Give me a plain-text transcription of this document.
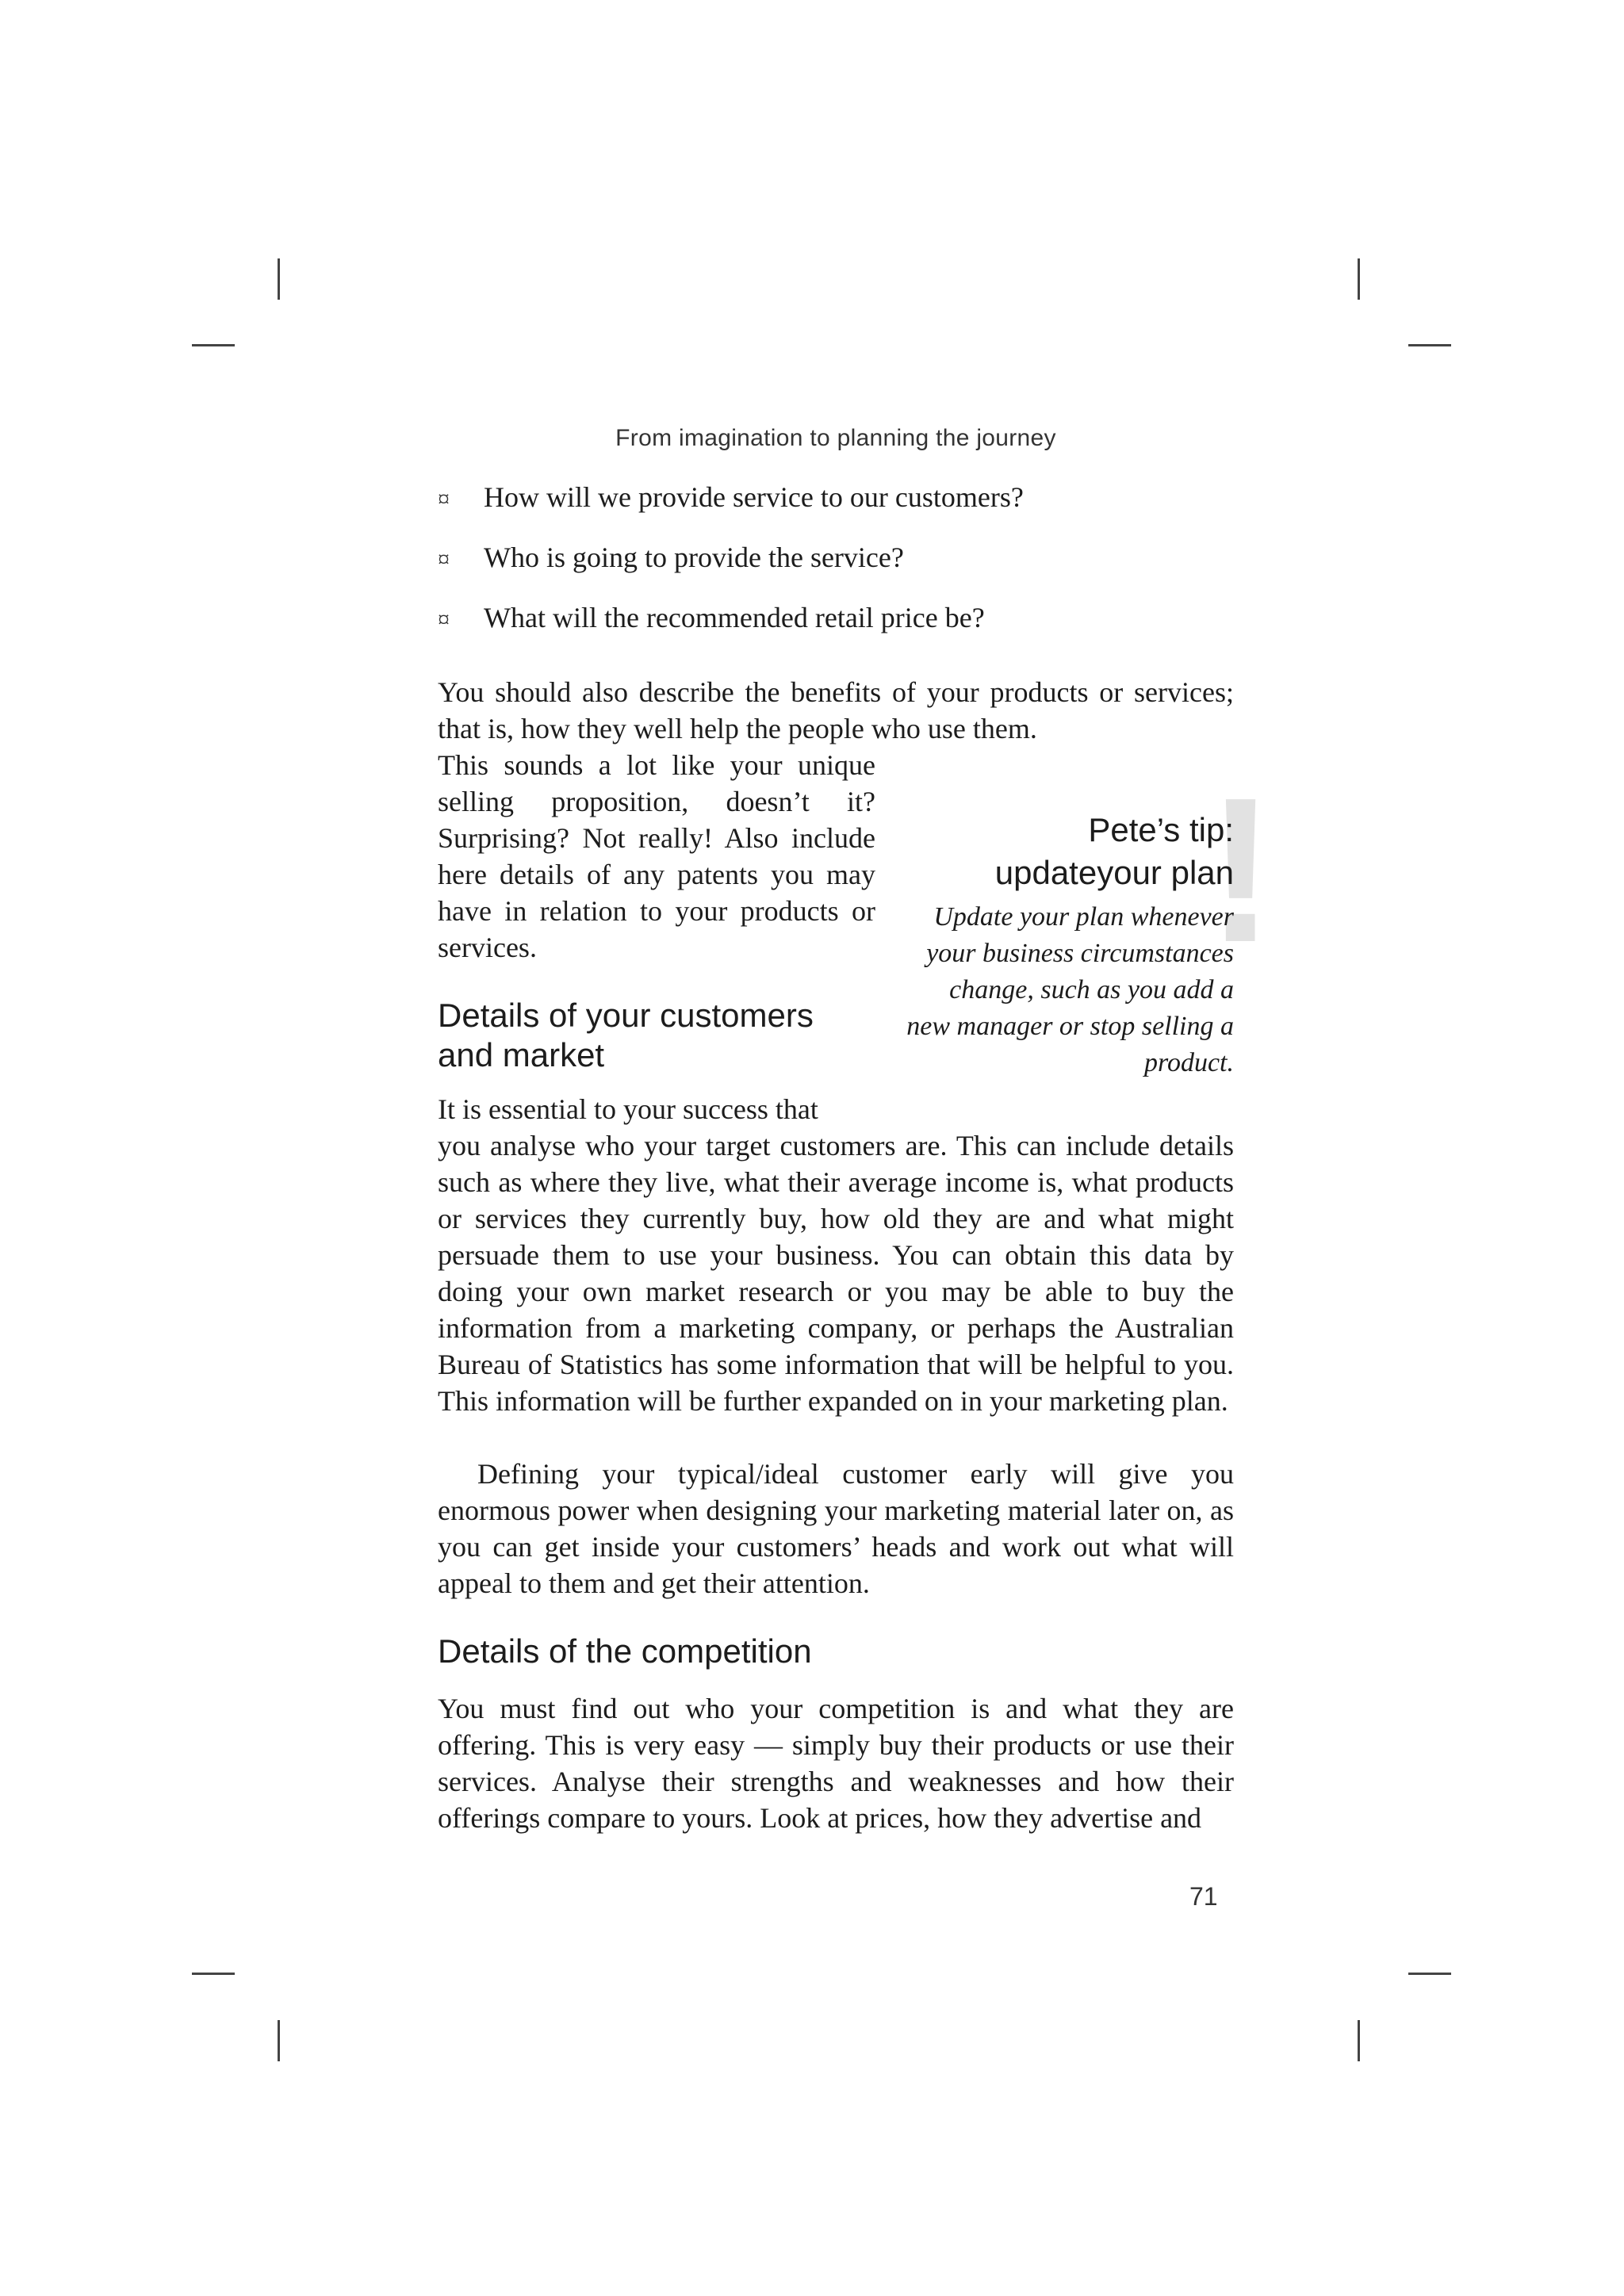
From imagination to planning the journey
¤	How will we provide service to our customers?
¤	Who is going to provide the service?
¤	What will the recommended retail price be?

You should also describe the benefits of your products or services; that is, how they well help the people who use them.

This sounds a lot like your unique selling proposition, doesn’t it? Surprising? Not really! Also include here details of any patents you may have in relation to your products or services.

Details of your customers and market

It is essential to your success that

you analyse who your target customers are. This can include details such as where they live, what their average income is, what products or services they currently buy, how old they are and what might persuade them to use your business. You can obtain this data by doing your own market research or you may be able to buy the information from a marketing company, or perhaps the Australian Bureau of Statistics has some information that will be helpful to you. This information will be further expanded on in your marketing plan.

Defining your typical/ideal customer early will give you enormous power when designing your marketing material later on, as you can get inside your customers’ heads and work out what will appeal to them and get their attention.

Details of the competition

You must find out who your competition is and what they are offering. This is very easy — simply buy their products or use their services. Analyse their strengths and weaknesses and how their offerings compare to yours. Look at prices, how they advertise and

!
Pete’s tip:
updateyour plan
Update your plan whenever your business circumstances change, such as you add a new manager or stop selling a product.
71
